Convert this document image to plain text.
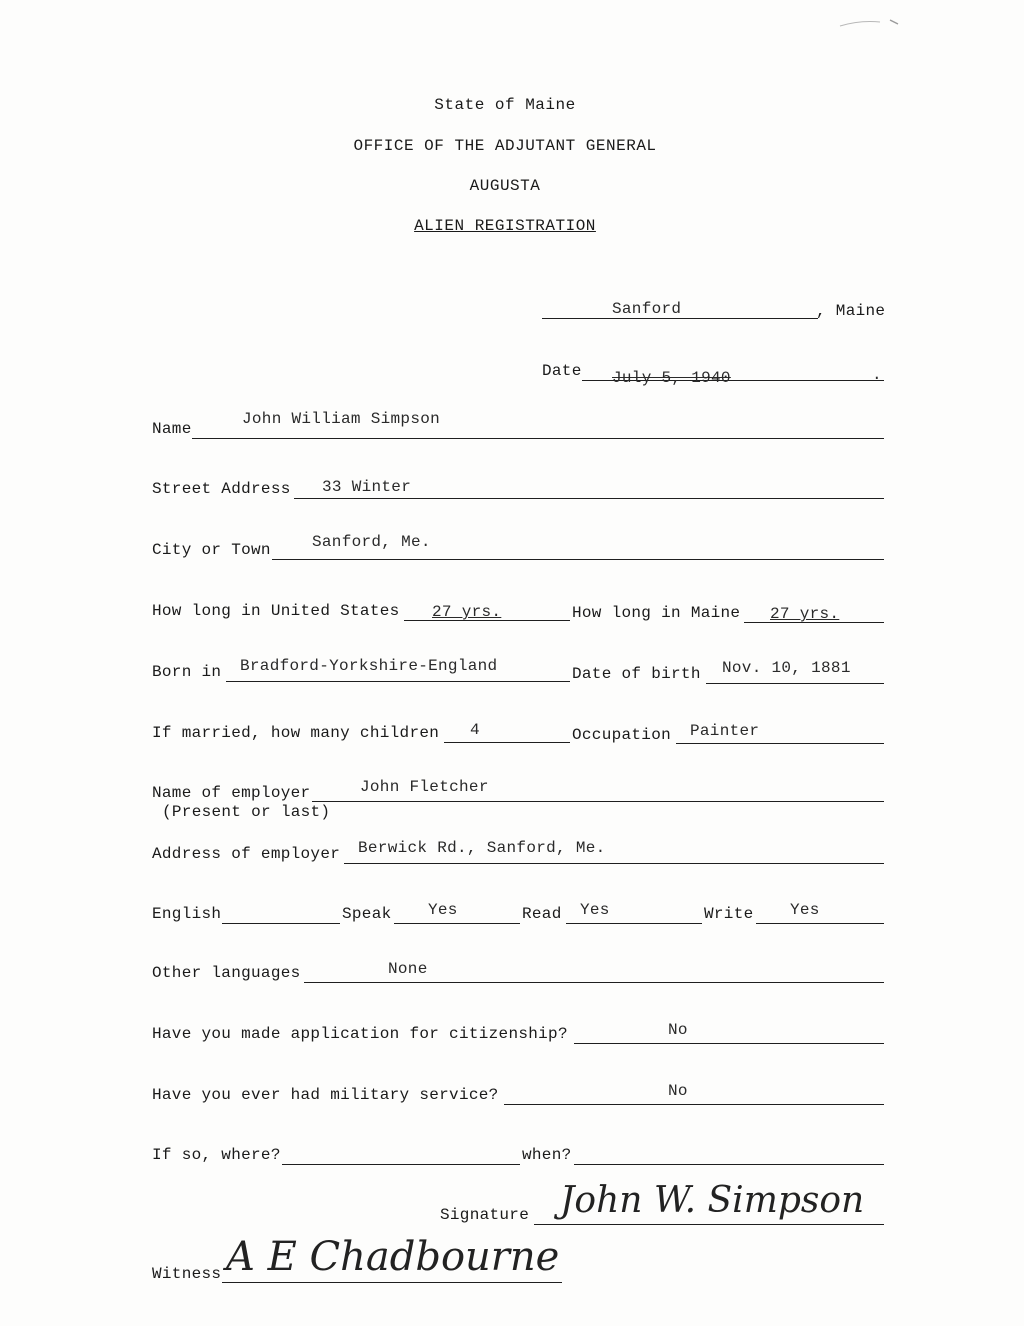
State of Maine
OFFICE OF THE ADJUTANT GENERAL
AUGUSTA
ALIEN REGISTRATION
Sanford	, Maine
Date July 5, 1940	.
Name
John William Simpson
Street Address 33 Winter
City or Town	Sanford, Me.
How long in United States 27 yrs.	How long in Maine 27 yrs.
Born in Bradford-Yorkshire-England	Date of birth Nov. 10, 1881
If married, how many children 4	Occupation Painter
Name of employer
(Present or last)
John Fletcher
Address of employer Berwick Rd., Sanford, Me.
English	Speak Yes	Read Yes	Write Yes
Other languages	None
Have you made application for citizenship?	No
Have you ever had military service?	No
If so, where?	when?
Signature John W. Simpson
Witness A E Chadbourne
